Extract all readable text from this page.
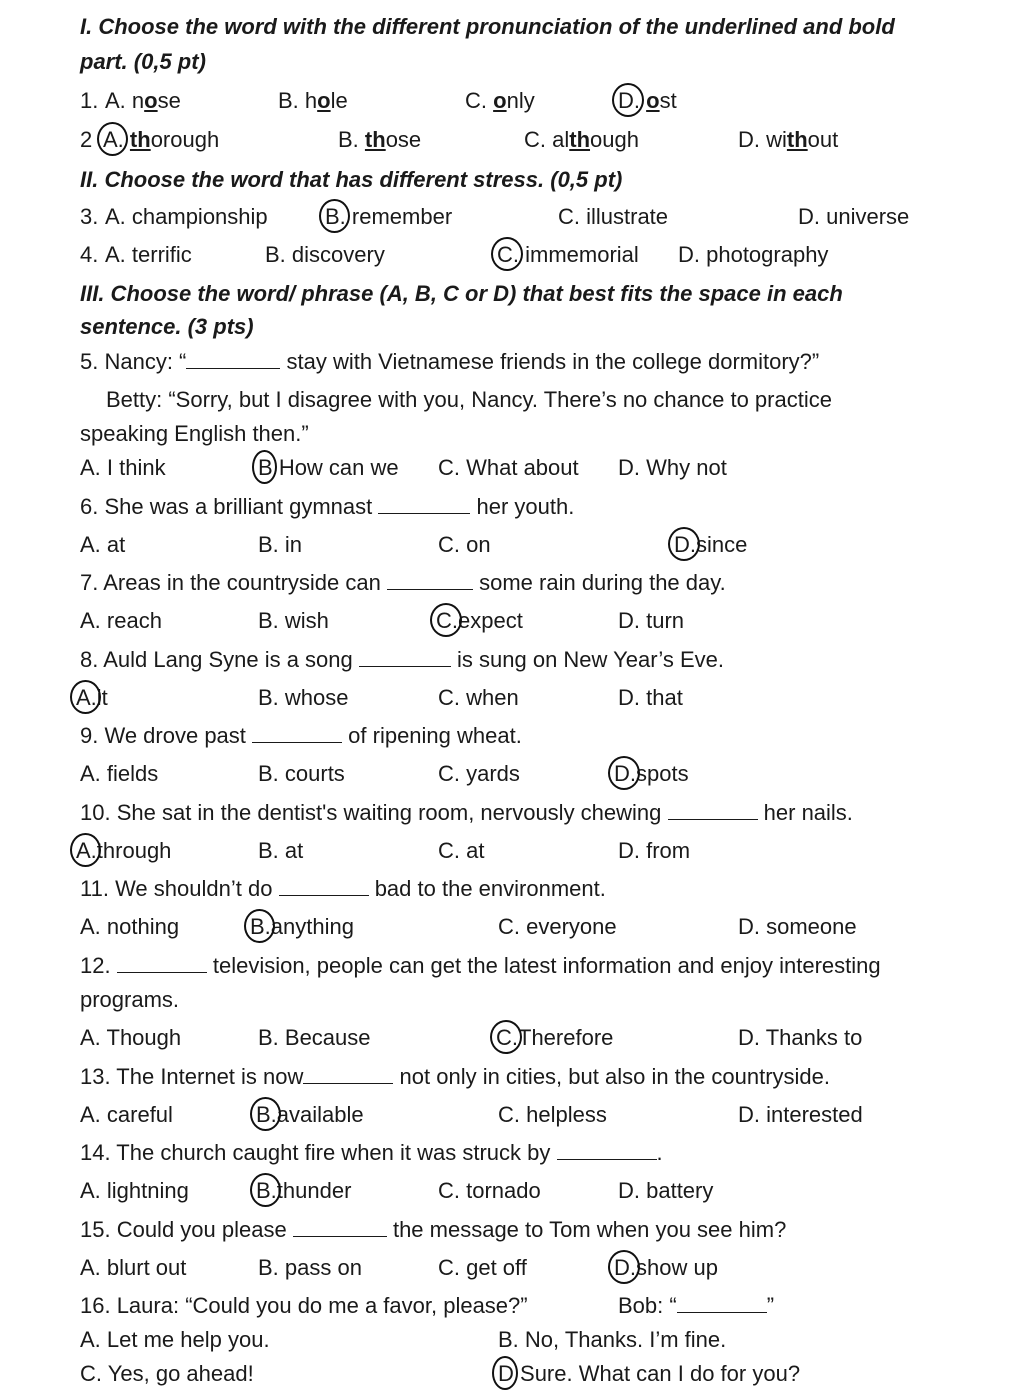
I. Choose the word with the different pronunciation of the underlined and bold
part. (0,5 pt)
1. A. nose	B. hole	C. only	D. ost
2 A. thorough	B. those	C. although	D. without
II. Choose the word that has different stress. (0,5 pt)
3. A. championship	B. remember	C. illustrate	D. universe
4. A. terrific	B. discovery	C. immemorial D. photography
III. Choose the word/ phrase (A, B, C or D) that best fits the space in each
sentence. (3 pts)
5. Nancy: “	stay with Vietnamese friends in the college dormitory?”
Betty: “Sorry, but I disagree with you, Nancy. There’s no chance to practice
speaking English then.”
A. I think	B How can we C. What about D. Why not
6. She was a brilliant gymnast	her youth.
A. at	B. in	C. on	D.since
7. Areas in the countryside can	some rain during the day.
A. reach	B. wish	C.expect	D. turn
8. Auld Lang Syne is a song	is sung on New Year’s Eve.
A.it	B. whose	C. when	D. that
9. We drove past	of ripening wheat.
A. fields	B. courts	C. yards	D.spots
10. She sat in the dentist's waiting room, nervously chewing	her nails.
A.through	B. at	C. at	D. from
11. We shouldn’t do	bad to the environment.
A. nothing	B.anything	C. everyone	D. someone
12.	television, people can get the latest information and enjoy interesting
programs.
A. Though	B. Because	C.Therefore	D. Thanks to
13. The Internet is now	not only in cities, but also in the countryside.
A. careful	B.available	C. helpless	D. interested
14. The church caught fire when it was struck by	.
A. lightning	B.thunder	C. tornado	D. battery
15. Could you please	the message to Tom when you see him?
A. blurt out	B. pass on	C. get off	D.show up
16. Laura: “Could you do me a favor, please?”	Bob: “	”
A. Let me help you.	B. No, Thanks. I’m fine.
C. Yes, go ahead!	D Sure. What can I do for you?
